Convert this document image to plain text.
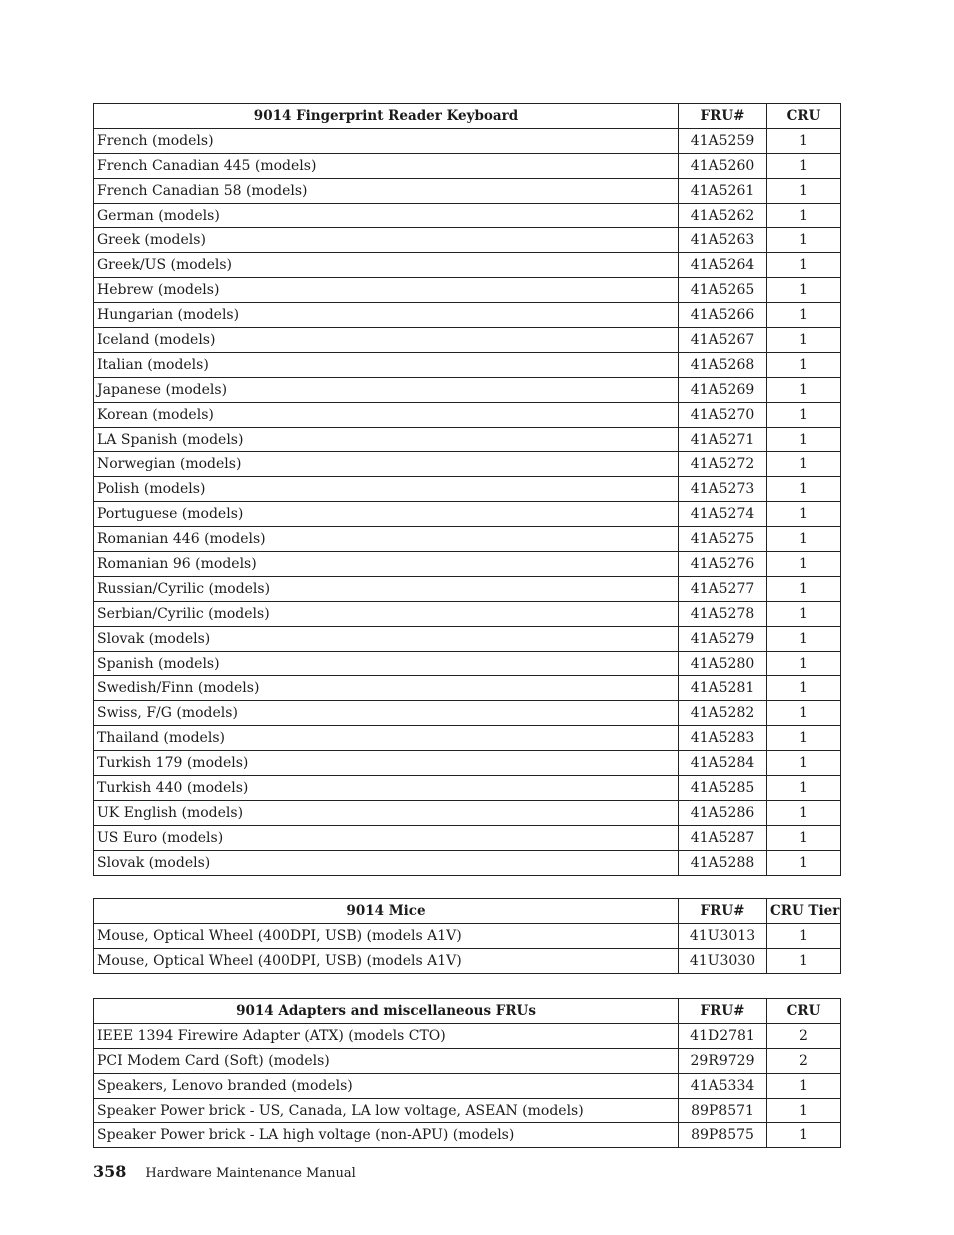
9014 Fingerprint Reader Keyboard	FRU#	CRU
French (models)	41A5259	1
French Canadian 445 (models)	41A5260	1
French Canadian 58 (models)	41A5261	1
German (models)	41A5262	1
Greek (models)	41A5263	1
Greek/US (models)	41A5264	1
Hebrew (models)	41A5265	1
Hungarian (models)	41A5266	1
Iceland (models)	41A5267	1
Italian (models)	41A5268	1
Japanese (models)	41A5269	1
Korean (models)	41A5270	1
LA Spanish (models)	41A5271	1
Norwegian (models)	41A5272	1
Polish (models)	41A5273	1
Portuguese (models)	41A5274	1
Romanian 446 (models)	41A5275	1
Romanian 96 (models)	41A5276	1
Russian/Cyrilic (models)	41A5277	1
Serbian/Cyrilic (models)	41A5278	1
Slovak (models)	41A5279	1
Spanish (models)	41A5280	1
Swedish/Finn (models)	41A5281	1
Swiss, F/G (models)	41A5282	1
Thailand (models)	41A5283	1
Turkish 179 (models)	41A5284	1
Turkish 440 (models)	41A5285	1
UK English (models)	41A5286	1
US Euro (models)	41A5287	1
Slovak (models)	41A5288	1
9014 Mice	FRU#	CRU Tier
Mouse, Optical Wheel (400DPI, USB) (models A1V)	41U3013	1
Mouse, Optical Wheel (400DPI, USB) (models A1V)	41U3030	1
9014 Adapters and miscellaneous FRUs	FRU#	CRU
IEEE 1394 Firewire Adapter (ATX) (models CTO)	41D2781	2
PCI Modem Card (Soft) (models)	29R9729	2
Speakers, Lenovo branded (models)	41A5334	1
Speaker Power brick - US, Canada, LA low voltage, ASEAN (models)	89P8571	1
Speaker Power brick - LA high voltage (non-APU) (models)	89P8575	1
358 Hardware Maintenance Manual
